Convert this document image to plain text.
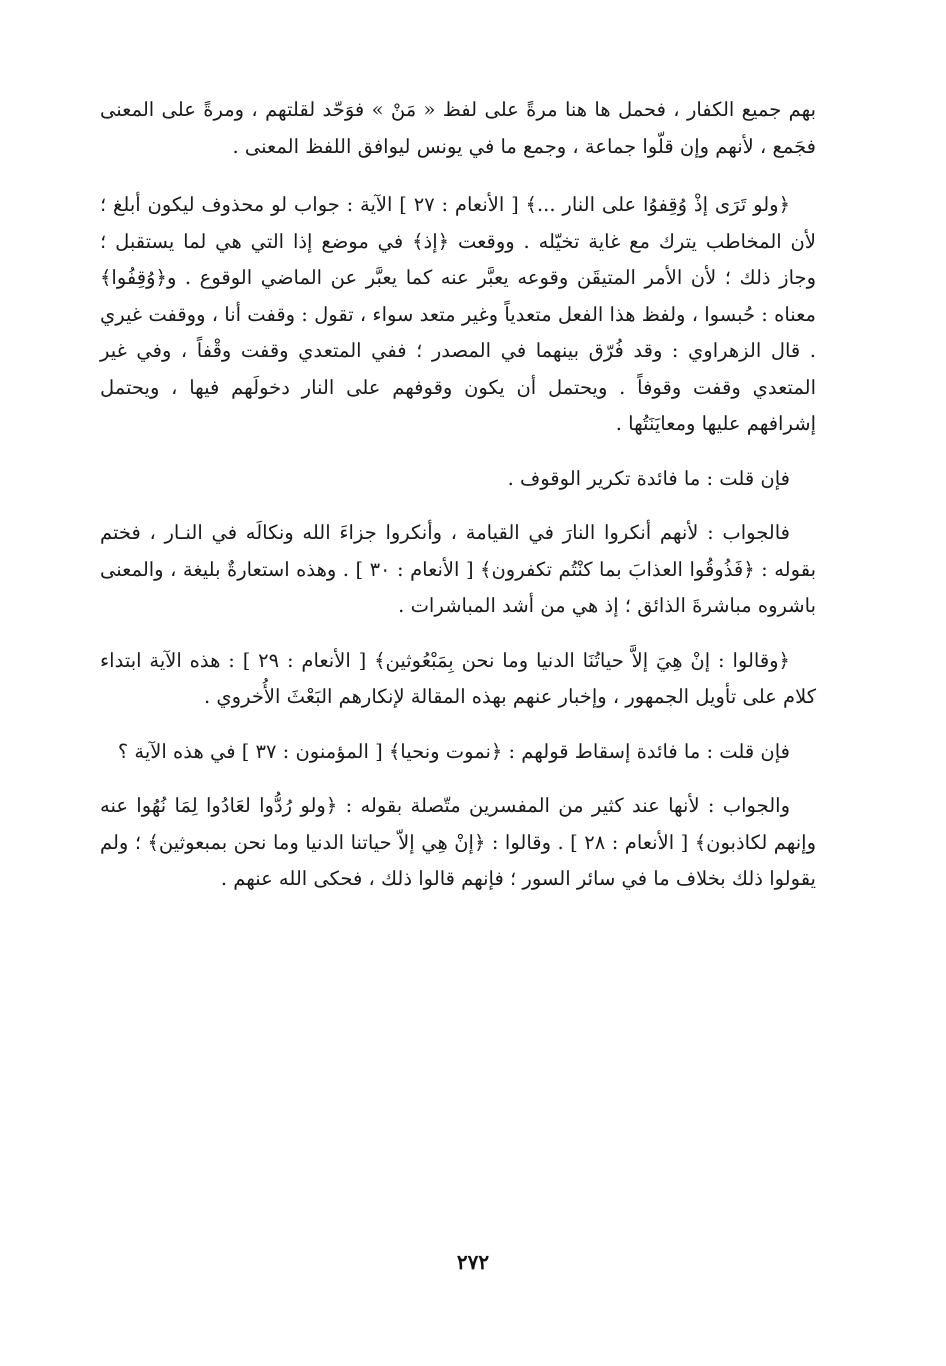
بهم جميع الكفار ، فحمل ها هنا مرةً على لفظ « مَنْ » فوَحّد لقلتهم ، ومرةً على المعنى فجَمع ، لأنهم وإن قلّوا جماعة ، وجمع ما في يونس ليوافق اللفظ المعنى .

﴿ولو تَرَى إذْ وُقِفوُا على النار ...﴾ [ الأنعام : ٢٧ ] الآية : جواب لو محذوف ليكون أبلغ ؛ لأن المخاطب يترك مع غاية تخيّله . ووقعت ﴿إذ﴾ في موضع إذا التي هي لما يستقبل ؛ وجاز ذلك ؛ لأن الأمر المتيقَن وقوعه يعبَّر عنه كما يعبَّر عن الماضي الوقوع . و﴿وُقِفُوا﴾ معناه : حُبسوا ، ولفظ هذا الفعل متعدياً وغير متعد سواء ، تقول : وقفت أنا ، ووقفت غيري . قال الزهراوي : وقد فُرّق بينهما في المصدر ؛ ففي المتعدي وقفت وقْفاً ، وفي غير المتعدي وقفت وقوفاً . ويحتمل أن يكون وقوفهم على النار دخولَهم فيها ، ويحتمل إشرافهم عليها ومعايَنَتُها .

فإن قلت : ما فائدة تكرير الوقوف .

فالجواب : لأنهم أنكروا النارَ في القيامة ، وأنكروا جزاءَ الله ونكالَه في النـار ، فختم بقوله : ﴿فَذُوقُوا العذابَ بما كنْتُم تكفرون﴾ [ الأنعام : ٣٠ ] . وهذه استعارةٌ بليغة ، والمعنى باشروه مباشرةَ الذائق ؛ إذ هي من أشد المباشرات .

﴿وقالوا : إنْ هِيَ إلاَّ حياتُنَا الدنيا وما نحن بِمَبْعُوثين﴾ [ الأنعام : ٢٩ ] : هذه الآية ابتداء كلام على تأويل الجمهور ، وإخبار عنهم بهذه المقالة لإنكارهم البَعْثَ الأُخروي .

فإن قلت : ما فائدة إسقاط قولهم : ﴿نموت ونحيا﴾ [ المؤمنون : ٣٧ ] في هذه الآية ؟

والجواب : لأنها عند كثير من المفسرين متّصلة بقوله : ﴿ولو رُدُّوا لعَادُوا لِمَا نُهُوا عنه وإنهم لكاذبون﴾ [ الأنعام : ٢٨ ] . وقالوا : ﴿إنْ هِي إلاّ حياتنا الدنيا وما نحن بمبعوثين﴾ ؛ ولم يقولوا ذلك بخلاف ما في سائر السور ؛ فإنهم قالوا ذلك ، فحكى الله عنهم .

٢٧٢
